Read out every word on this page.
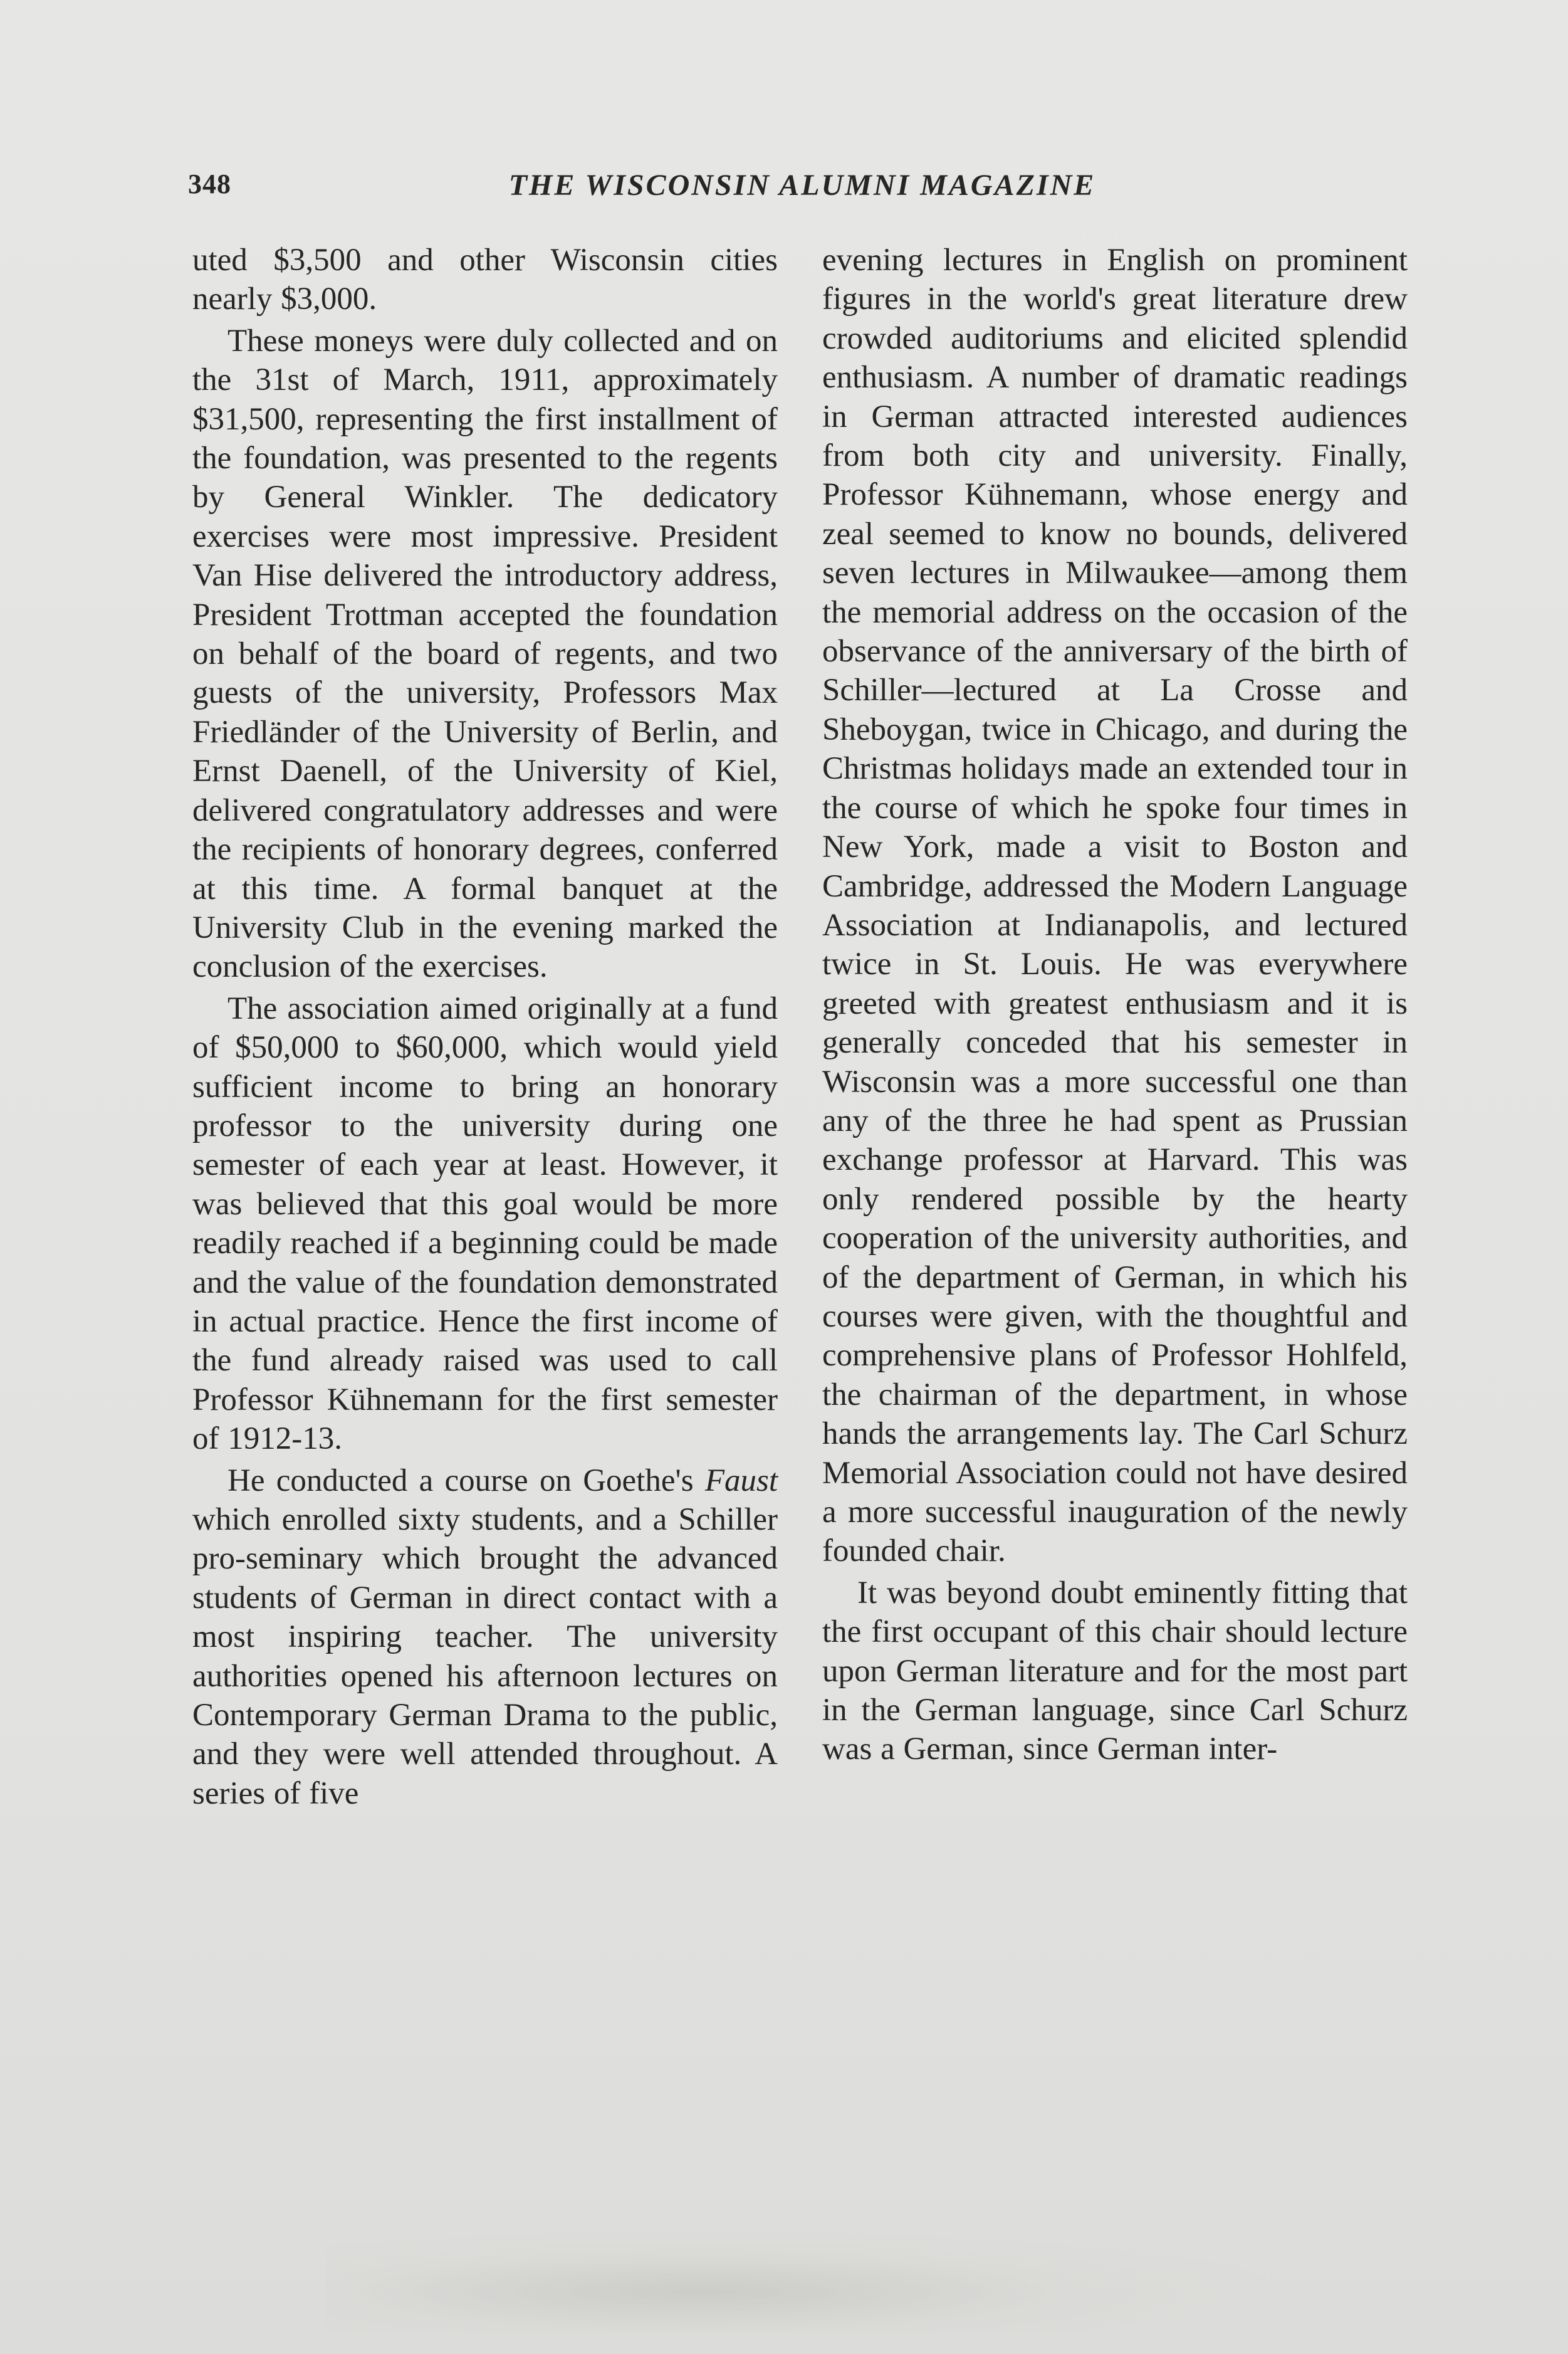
348	THE WISCONSIN ALUMNI MAGAZINE

uted $3,500 and other Wisconsin cities nearly $3,000.

These moneys were duly collected and on the 31st of March, 1911, approximately $31,500, representing the first installment of the foundation, was presented to the regents by General Winkler. The dedicatory exercises were most impressive. President Van Hise delivered the introductory address, President Trottman accepted the foundation on behalf of the board of regents, and two guests of the university, Professors Max Friedländer of the University of Berlin, and Ernst Daenell, of the University of Kiel, delivered congratulatory addresses and were the recipients of honorary degrees, conferred at this time. A formal banquet at the University Club in the evening marked the conclusion of the exercises.

The association aimed originally at a fund of $50,000 to $60,000, which would yield sufficient income to bring an honorary professor to the university during one semester of each year at least. However, it was believed that this goal would be more readily reached if a beginning could be made and the value of the foundation demonstrated in actual practice. Hence the first income of the fund already raised was used to call Professor Kühnemann for the first semester of 1912-13.

He conducted a course on Goethe's Faust which enrolled sixty students, and a Schiller pro-seminary which brought the advanced students of German in direct contact with a most inspiring teacher. The university authorities opened his afternoon lectures on Contemporary German Drama to the public, and they were well attended throughout. A series of five

evening lectures in English on prominent figures in the world's great literature drew crowded auditoriums and elicited splendid enthusiasm. A number of dramatic readings in German attracted interested audiences from both city and university. Finally, Professor Kühnemann, whose energy and zeal seemed to know no bounds, delivered seven lectures in Milwaukee—among them the memorial address on the occasion of the observance of the anniversary of the birth of Schiller—lectured at La Crosse and Sheboygan, twice in Chicago, and during the Christmas holidays made an extended tour in the course of which he spoke four times in New York, made a visit to Boston and Cambridge, addressed the Modern Language Association at Indianapolis, and lectured twice in St. Louis. He was everywhere greeted with greatest enthusiasm and it is generally conceded that his semester in Wisconsin was a more successful one than any of the three he had spent as Prussian exchange professor at Harvard. This was only rendered possible by the hearty cooperation of the university authorities, and of the department of German, in which his courses were given, with the thoughtful and comprehensive plans of Professor Hohlfeld, the chairman of the department, in whose hands the arrangements lay. The Carl Schurz Memorial Association could not have desired a more successful inauguration of the newly founded chair.

It was beyond doubt eminently fitting that the first occupant of this chair should lecture upon German literature and for the most part in the German language, since Carl Schurz was a German, since German inter-
